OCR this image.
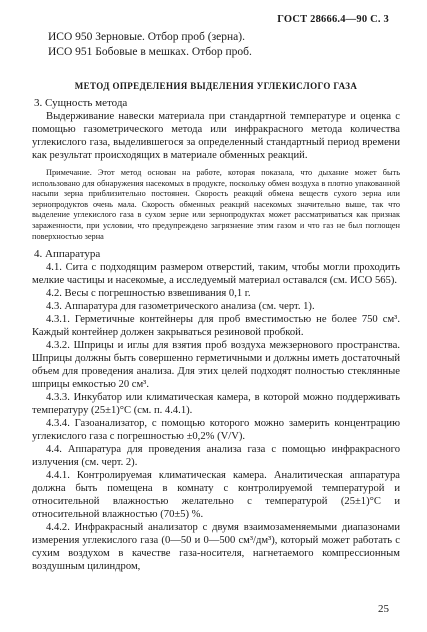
ГОСТ 28666.4—90 С. 3
ИСО 950 Зерновые. Отбор проб (зерна).
ИСО 951 Бобовые в мешках. Отбор проб.
МЕТОД ОПРЕДЕЛЕНИЯ ВЫДЕЛЕНИЯ УГЛЕКИСЛОГО ГАЗА
3. Сущность метода

Выдерживание навески материала при стандартной температуре и оценка с помощью газометрического метода или инфракрасного метода количества углекислого газа, выделившегося за определенный стандартный период времени как результат происходящих в материале обменных реакций.

Примечание. Этот метод основан на работе, которая показала, что дыхание может быть использовано для обнаружения насекомых в продукте, поскольку обмен воздуха в плотно упакованной насыпи зерна приблизительно постоянен. Скорость реакций обмена веществ сухого зерна или зернопродуктов очень мала. Скорость обменных реакций насекомых значительно выше, так что выделение углекислого газа в сухом зерне или зернопродуктах может рассматриваться как признак зараженности, при условии, что предупреждено загрязнение этим газом и что газ не был поглощен поверхностью зерна

4. Аппаратура

4.1. Сита с подходящим размером отверстий, таким, чтобы могли проходить мелкие частицы и насекомые, а исследуемый материал оставался (см. ИСО 565).

4.2. Весы с погрешностью взвешивания 0,1 г.

4.3. Аппаратура для газометрического анализа (см. черт. 1).

4.3.1. Герметичные контейнеры для проб вместимостью не более 750 см³. Каждый контейнер должен закрываться резиновой пробкой.

4.3.2. Шприцы и иглы для взятия проб воздуха межзернового пространства. Шприцы должны быть совершенно герметичными и должны иметь достаточный объем для проведения анализа. Для этих целей подходят полностью стеклянные шприцы емкостью 20 см³.

4.3.3. Инкубатор или климатическая камера, в которой можно поддерживать температуру (25±1)°С (см. п. 4.4.1).

4.3.4. Газоанализатор, с помощью которого можно замерить концентрацию углекислого газа с погрешностью ±0,2% (V/V).

4.4. Аппаратура для проведения анализа газа с помощью инфракрасного излучения (см. черт. 2).

4.4.1. Контролируемая климатическая камера. Аналитическая аппаратура должна быть помещена в комнату с контролируемой температурой и относительной влажностью желательно с температурой (25±1)°С и относительной влажностью (70±5) %.

4.4.2. Инфракрасный анализатор с двумя взаимозаменяемыми диапазонами измерения углекислого газа (0—50 и 0—500 см³/дм³), который может работать с сухим воздухом в качестве газа-носителя, нагнетаемого компрессионным воздушным цилиндром,

25
